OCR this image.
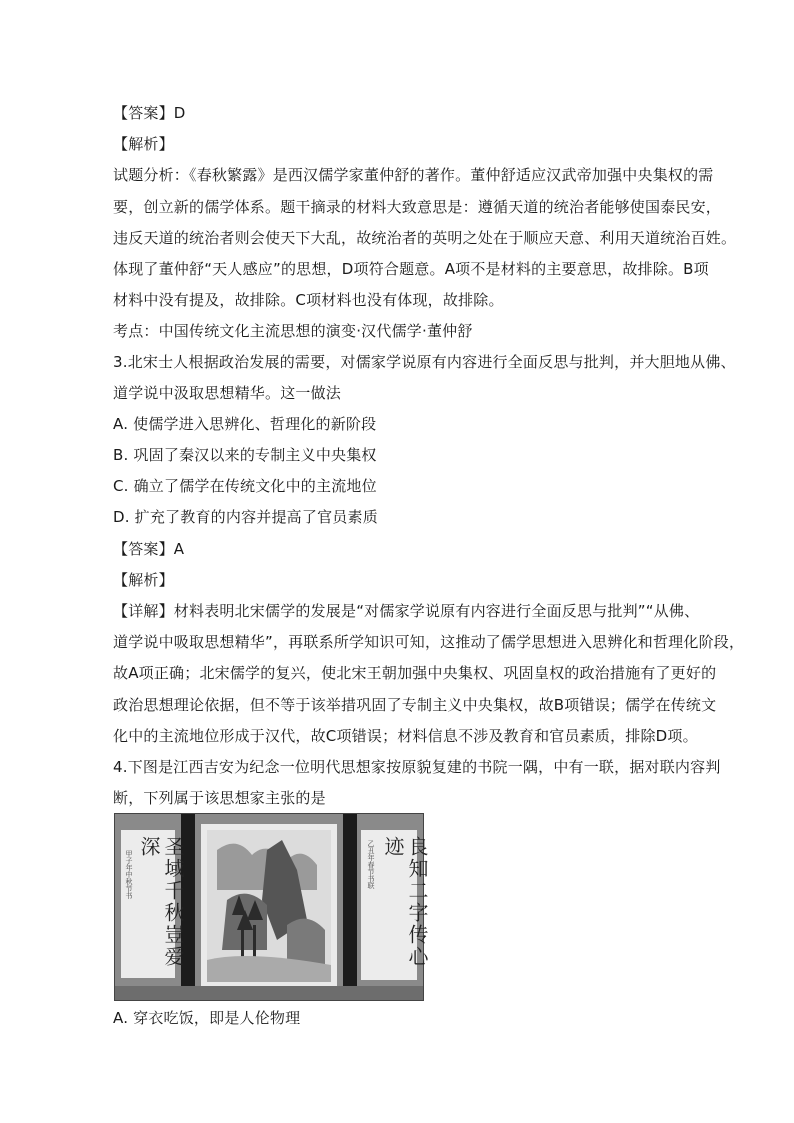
【答案】D
【解析】
试题分析：《春秋繁露》是西汉儒学家董仲舒的著作。董仲舒适应汉武帝加强中央集权的需
要，创立新的儒学体系。题干摘录的材料大致意思是：遵循天道的统治者能够使国泰民安，
违反天道的统治者则会使天下大乱，故统治者的英明之处在于顺应天意、利用天道统治百姓。
体现了董仲舒“天人感应”的思想，D项符合题意。A项不是材料的主要意思，故排除。B项
材料中没有提及，故排除。C项材料也没有体现，故排除。
考点：中国传统文化主流思想的演变·汉代儒学·董仲舒
3.北宋士人根据政治发展的需要，对儒家学说原有内容进行全面反思与批判，并大胆地从佛、
道学说中汲取思想精华。这一做法
A. 使儒学进入思辨化、哲理化的新阶段
B. 巩固了秦汉以来的专制主义中央集权
C. 确立了儒学在传统文化中的主流地位
D. 扩充了教育的内容并提高了官员素质
【答案】A
【解析】
【详解】材料表明北宋儒学的发展是“对儒家学说原有内容进行全面反思与批判”“从佛、
道学说中吸取思想精华”，再联系所学知识可知，这推动了儒学思想进入思辨化和哲理化阶段，
故A项正确；北宋儒学的复兴，使北宋王朝加强中央集权、巩固皇权的政治措施有了更好的
政治思想理论依据，但不等于该举措巩固了专制主义中央集权，故B项错误；儒学在传统文
化中的主流地位形成于汉代，故C项错误；材料信息不涉及教育和官员素质，排除D项。
4.下图是江西吉安为纪念一位明代思想家按原貌复建的书院一隅，中有一联，据对联内容判
断，下列属于该思想家主张的是
圣域千秋豈爱深
甲子年中秋节书	良知二字传心迹
乙丑年春节书联
A. 穿衣吃饭，即是人伦物理
